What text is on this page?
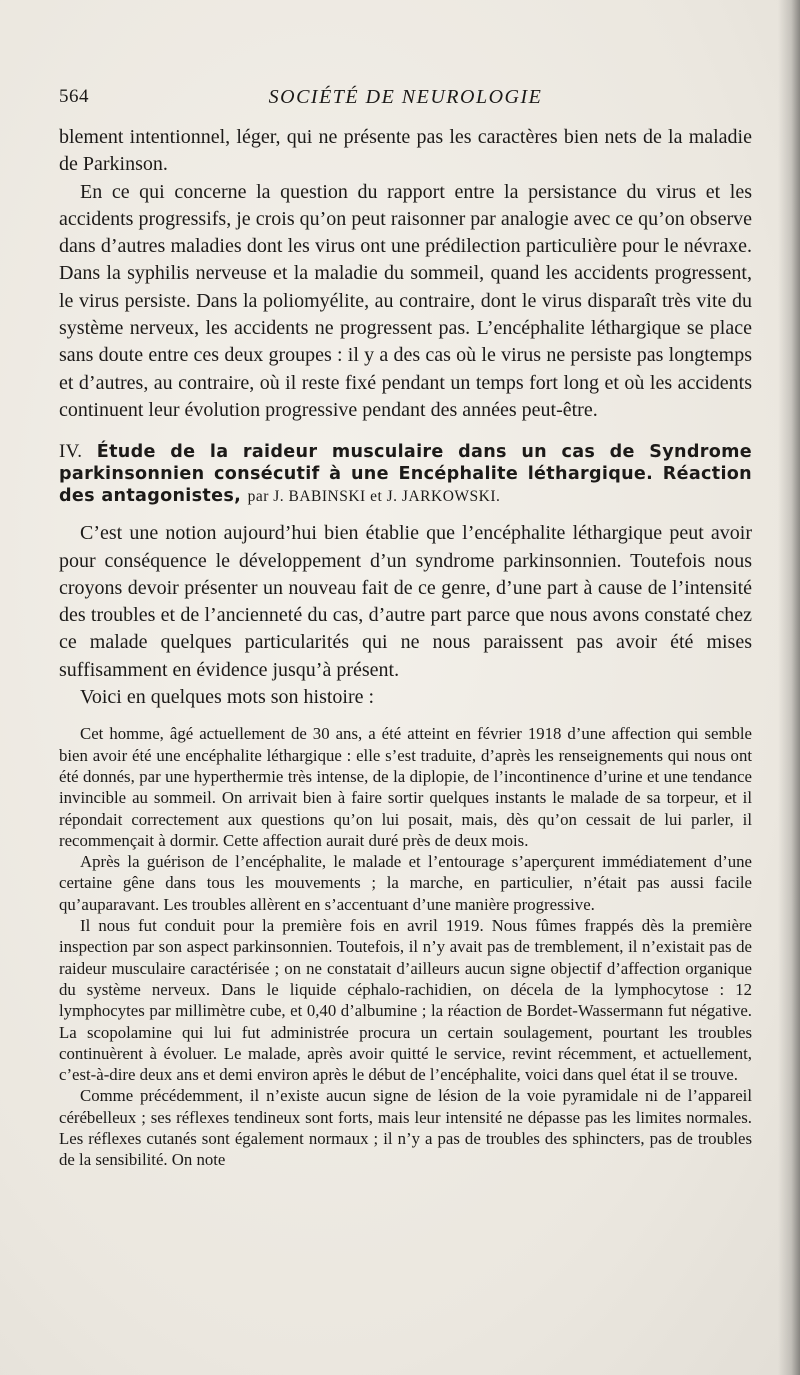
564	SOCIÉTÉ DE NEUROLOGIE

blement intentionnel, léger, qui ne présente pas les caractères bien nets de la maladie de Parkinson.

En ce qui concerne la question du rapport entre la persistance du virus et les accidents progressifs, je crois qu’on peut raisonner par analogie avec ce qu’on observe dans d’autres maladies dont les virus ont une prédilection particulière pour le névraxe. Dans la syphilis nerveuse et la maladie du sommeil, quand les accidents progressent, le virus persiste. Dans la poliomyélite, au contraire, dont le virus disparaît très vite du système nerveux, les accidents ne progressent pas. L’encéphalite léthargique se place sans doute entre ces deux groupes : il y a des cas où le virus ne persiste pas longtemps et d’autres, au contraire, où il reste fixé pendant un temps fort long et où les accidents continuent leur évolution progressive pendant des années peut-être.

IV. Étude de la raideur musculaire dans un cas de Syndrome parkinsonnien consécutif à une Encéphalite léthargique. Réaction des antagonistes, par J. BABINSKI et J. JARKOWSKI.

C’est une notion aujourd’hui bien établie que l’encéphalite léthargique peut avoir pour conséquence le développement d’un syndrome parkinsonnien. Toutefois nous croyons devoir présenter un nouveau fait de ce genre, d’une part à cause de l’intensité des troubles et de l’ancienneté du cas, d’autre part parce que nous avons constaté chez ce malade quelques particularités qui ne nous paraissent pas avoir été mises suffisamment en évidence jusqu’à présent.

Voici en quelques mots son histoire :

Cet homme, âgé actuellement de 30 ans, a été atteint en février 1918 d’une affection qui semble bien avoir été une encéphalite léthargique : elle s’est traduite, d’après les renseignements qui nous ont été donnés, par une hyperthermie très intense, de la diplopie, de l’incontinence d’urine et une tendance invincible au sommeil. On arrivait bien à faire sortir quelques instants le malade de sa torpeur, et il répondait correctement aux questions qu’on lui posait, mais, dès qu’on cessait de lui parler, il recommençait à dormir. Cette affection aurait duré près de deux mois.

Après la guérison de l’encéphalite, le malade et l’entourage s’aperçurent immédiatement d’une certaine gêne dans tous les mouvements ; la marche, en particulier, n’était pas aussi facile qu’auparavant. Les troubles allèrent en s’accentuant d’une manière progressive.

Il nous fut conduit pour la première fois en avril 1919. Nous fûmes frappés dès la première inspection par son aspect parkinsonnien. Toutefois, il n’y avait pas de tremblement, il n’existait pas de raideur musculaire caractérisée ; on ne constatait d’ailleurs aucun signe objectif d’affection organique du système nerveux. Dans le liquide céphalo-rachidien, on décela de la lymphocytose : 12 lymphocytes par millimètre cube, et 0,40 d’albumine ; la réaction de Bordet-Wassermann fut négative. La scopolamine qui lui fut administrée procura un certain soulagement, pourtant les troubles continuèrent à évoluer. Le malade, après avoir quitté le service, revint récemment, et actuellement, c’est-à-dire deux ans et demi environ après le début de l’encéphalite, voici dans quel état il se trouve.

Comme précédemment, il n’existe aucun signe de lésion de la voie pyramidale ni de l’appareil cérébelleux ; ses réflexes tendineux sont forts, mais leur intensité ne dépasse pas les limites normales. Les réflexes cutanés sont également normaux ; il n’y a pas de troubles des sphincters, pas de troubles de la sensibilité. On note
